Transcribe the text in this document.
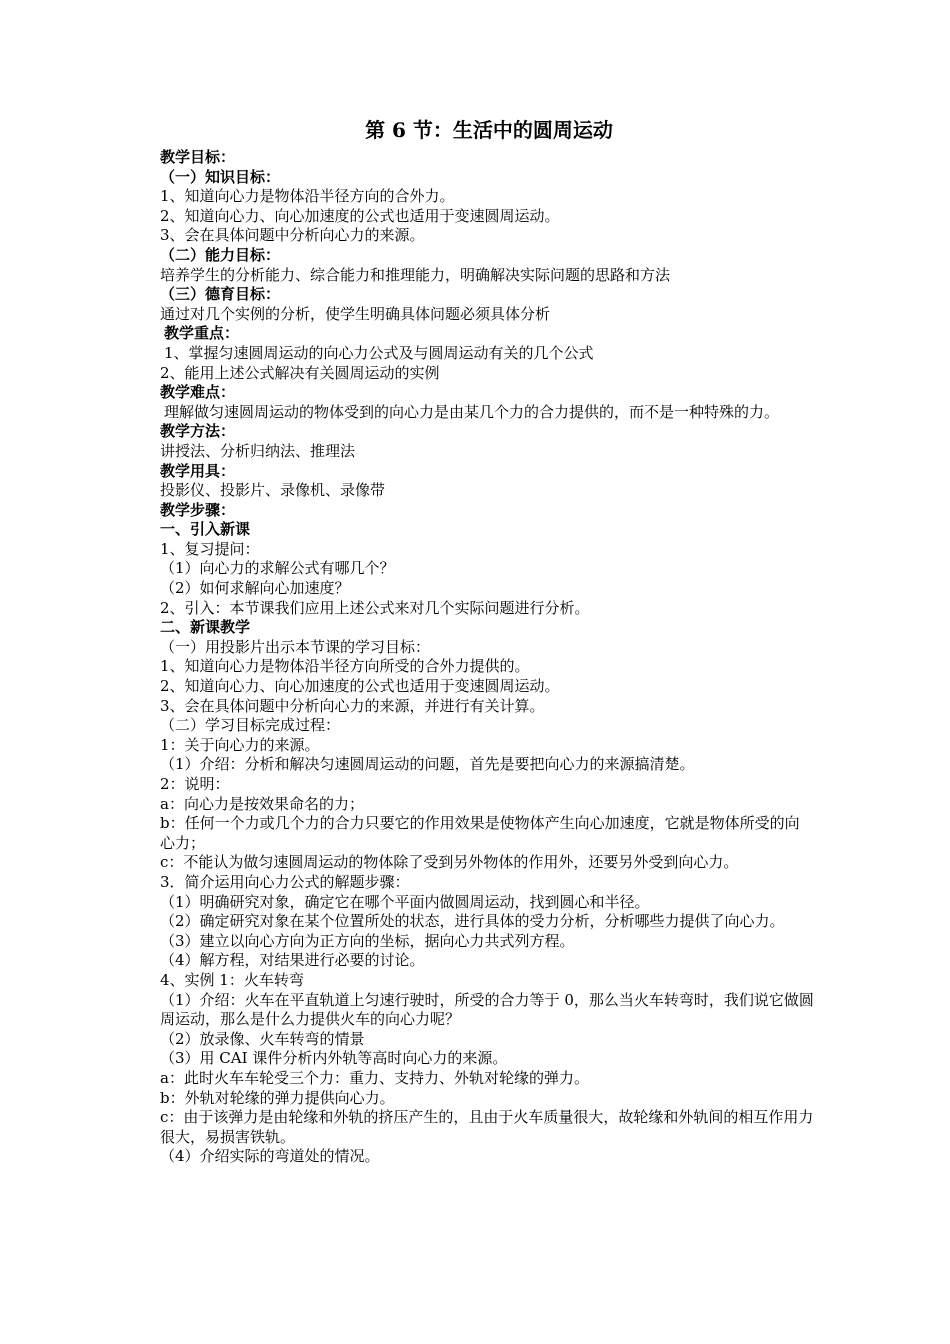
第 6 节：生活中的圆周运动
教学目标：
（一）知识目标：
1、知道向心力是物体沿半径方向的合外力。
2、知道向心力、向心加速度的公式也适用于变速圆周运动。
3、会在具体问题中分析向心力的来源。
（二）能力目标：
培养学生的分析能力、综合能力和推理能力，明确解决实际问题的思路和方法
（三）德育目标：
通过对几个实例的分析，使学生明确具体问题必须具体分析
教学重点：
1、掌握匀速圆周运动的向心力公式及与圆周运动有关的几个公式
2、能用上述公式解决有关圆周运动的实例
教学难点：
理解做匀速圆周运动的物体受到的向心力是由某几个力的合力提供的，而不是一种特殊的力。
教学方法：
讲授法、分析归纳法、推理法
教学用具：
投影仪、投影片、录像机、录像带
教学步骤：
一、引入新课
1、复习提问：
（1）向心力的求解公式有哪几个？
（2）如何求解向心加速度？
2、引入：本节课我们应用上述公式来对几个实际问题进行分析。
二、新课教学
（一）用投影片出示本节课的学习目标：
1、知道向心力是物体沿半径方向所受的合外力提供的。
2、知道向心力、向心加速度的公式也适用于变速圆周运动。
3、会在具体问题中分析向心力的来源，并进行有关计算。
（二）学习目标完成过程：
1：关于向心力的来源。
（1）介绍：分析和解决匀速圆周运动的问题，首先是要把向心力的来源搞清楚。
2：说明：
a：向心力是按效果命名的力；
b：任何一个力或几个力的合力只要它的作用效果是使物体产生向心加速度，它就是物体所受的向心力；
c：不能认为做匀速圆周运动的物体除了受到另外物体的作用外，还要另外受到向心力。
3．简介运用向心力公式的解题步骤：
（1）明确研究对象，确定它在哪个平面内做圆周运动，找到圆心和半径。
（2）确定研究对象在某个位置所处的状态，进行具体的受力分析，分析哪些力提供了向心力。
（3）建立以向心方向为正方向的坐标，据向心力共式列方程。
（4）解方程，对结果进行必要的讨论。
4、实例 1：火车转弯
（1）介绍：火车在平直轨道上匀速行驶时，所受的合力等于 0，那么当火车转弯时，我们说它做圆周运动，那么是什么力提供火车的向心力呢？
（2）放录像、火车转弯的情景
（3）用 CAI 课件分析内外轨等高时向心力的来源。
a：此时火车车轮受三个力：重力、支持力、外轨对轮缘的弹力。
b：外轨对轮缘的弹力提供向心力。
c：由于该弹力是由轮缘和外轨的挤压产生的，且由于火车质量很大，故轮缘和外轨间的相互作用力很大，易损害铁轨。
（4）介绍实际的弯道处的情况。
